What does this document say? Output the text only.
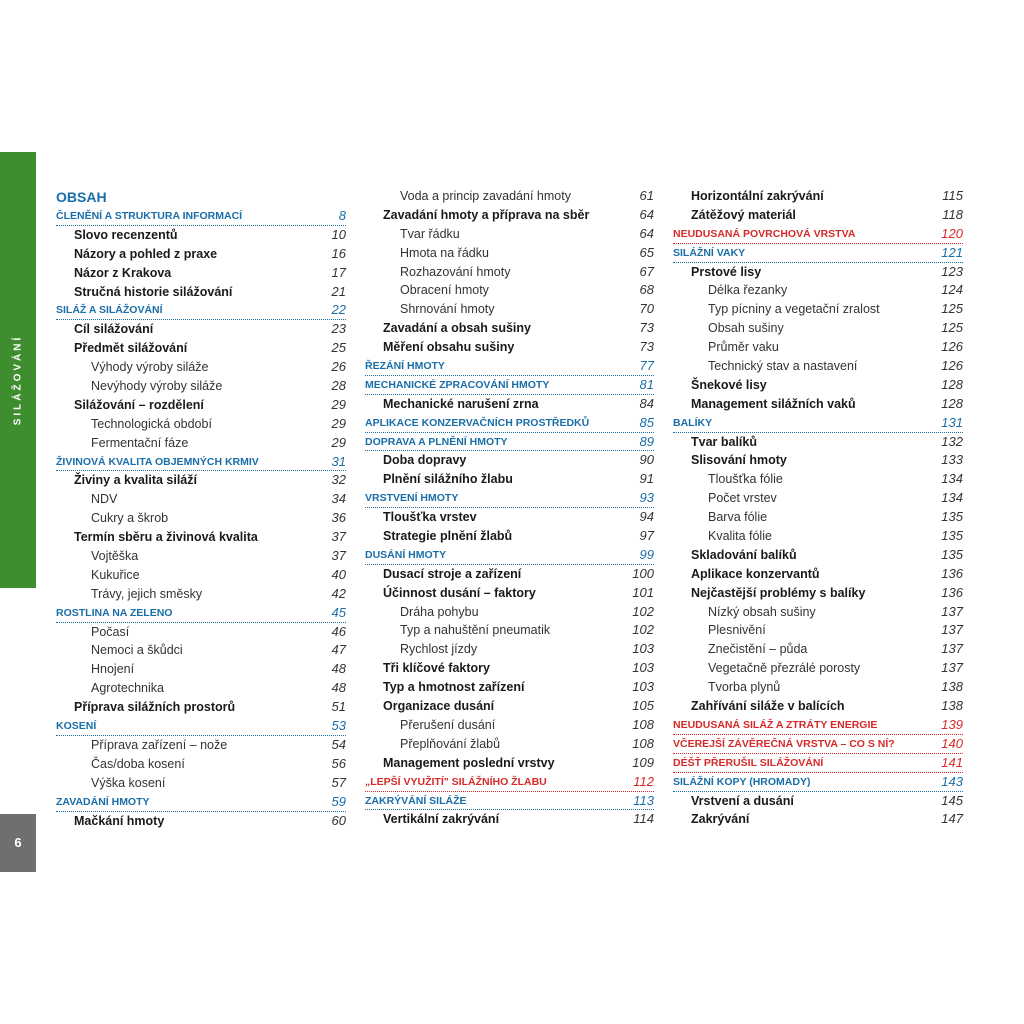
SILÁŽOVÁNÍ
6
OBSAH
ČLENĚNÍ A STRUKTURA INFORMACÍ	8
Slovo recenzentů	10
Názory a pohled z praxe	16
Názor z Krakova	17
Stručná historie silážování	21
SILÁŽ A SILÁŽOVÁNÍ	22
Cíl silážování	23
Předmět silážování	25
Výhody výroby siláže	26
Nevýhody výroby siláže	28
Silážování – rozdělení	29
Technologická období	29
Fermentační fáze	29
ŽIVINOVÁ KVALITA OBJEMNÝCH KRMIV	31
Živiny a kvalita siláží	32
NDV	34
Cukry a škrob	36
Termín sběru a živinová kvalita	37
Vojtěška	37
Kukuřice	40
Trávy, jejich směsky	42
ROSTLINA NA ZELENO	45
Počasí	46
Nemoci a škůdci	47
Hnojení	48
Agrotechnika	48
Příprava silážních prostorů	51
KOSENÍ	53
Příprava zařízení – nože	54
Čas/doba kosení	56
Výška kosení	57
ZAVADÁNÍ HMOTY	59
Mačkání hmoty	60
Voda a princip zavadání hmoty	61
Zavadání hmoty a příprava na sběr	64
Tvar řádku	64
Hmota na řádku	65
Rozhazování hmoty	67
Obracení hmoty	68
Shrnování hmoty	70
Zavadání a obsah sušiny	73
Měření obsahu sušiny	73
ŘEZÁNÍ HMOTY	77
MECHANICKÉ ZPRACOVÁNÍ HMOTY	81
Mechanické narušení zrna	84
APLIKACE KONZERVAČNÍCH PROSTŘEDKŮ	85
DOPRAVA A PLNĚNÍ HMOTY	89
Doba dopravy	90
Plnění silážního žlabu	91
VRSTVENÍ HMOTY	93
Tloušťka vrstev	94
Strategie plnění žlabů	97
DUSÁNÍ HMOTY	99
Dusací stroje a zařízení	100
Účinnost dusání – faktory	101
Dráha pohybu	102
Typ a nahuštění pneumatik	102
Rychlost jízdy	103
Tři klíčové faktory	103
Typ a hmotnost zařízení	103
Organizace dusání	105
Přerušení dusání	108
Přeplňování žlabů	108
Management poslední vrstvy	109
„LEPŠÍ VYUŽITÍ" SILÁŽNÍHO ŽLABU	112
ZAKRÝVÁNÍ SILÁŽE	113
Vertikální zakrývání	114
Horizontální zakrývání	115
Zátěžový materiál	118
NEUDUSANÁ POVRCHOVÁ VRSTVA	120
SILÁŽNÍ VAKY	121
Prstové lisy	123
Délka řezanky	124
Typ pícniny a vegetační zralost	125
Obsah sušiny	125
Průměr vaku	126
Technický stav a nastavení	126
Šnekové lisy	128
Management silážních vaků	128
BALÍKY	131
Tvar balíků	132
Slisování hmoty	133
Tloušťka fólie	134
Počet vrstev	134
Barva fólie	135
Kvalita fólie	135
Skladování balíků	135
Aplikace konzervantů	136
Nejčastější problémy s balíky	136
Nízký obsah sušiny	137
Plesnivění	137
Znečistění – půda	137
Vegetačně přezrálé porosty	137
Tvorba plynů	138
Zahřívání siláže v balících	138
NEUDUSANÁ SILÁŽ A ZTRÁTY ENERGIE	139
VČEREJŠÍ ZÁVĚREČNÁ VRSTVA – CO S NÍ?	140
DÉŠŤ PŘERUŠIL SILÁŽOVÁNÍ	141
SILÁŽNÍ KOPY (HROMADY)	143
Vrstvení a dusání	145
Zakrývání	147
